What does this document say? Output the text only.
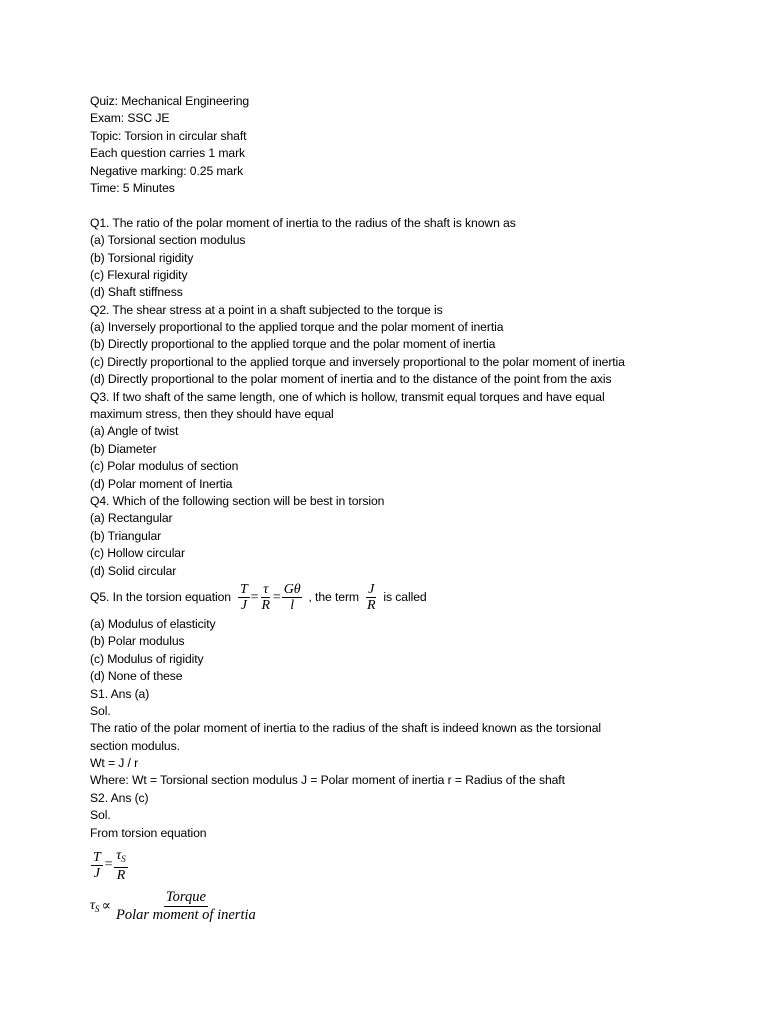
Quiz: Mechanical Engineering
Exam: SSC JE
Topic: Torsion in circular shaft
Each question carries 1 mark
Negative marking: 0.25 mark
Time: 5 Minutes
Q1. The ratio of the polar moment of inertia to the radius of the shaft is known as
(a) Torsional section modulus
(b) Torsional rigidity
(c) Flexural rigidity
(d) Shaft stiffness
Q2. The shear stress at a point in a shaft subjected to the torque is
(a) Inversely proportional to the applied torque and the polar moment of inertia
(b) Directly proportional to the applied torque and the polar moment of inertia
(c) Directly proportional to the applied torque and inversely proportional to the polar moment of inertia
(d) Directly proportional to the polar moment of inertia and to the distance of the point from the axis
Q3. If two shaft of the same length, one of which is hollow, transmit equal torques and have equal
maximum stress, then they should have equal
(a) Angle of twist
(b) Diameter
(c) Polar modulus of section
(d) Polar moment of Inertia
Q4. Which of the following section will be best in torsion
(a) Rectangular
(b) Triangular
(c) Hollow circular
(d) Solid circular
Q5. In the torsion equation $\frac{T}{J} = \frac{\tau}{R} = \frac{G\theta}{l}$ , the term $\frac{J}{R}$ is called
(a) Modulus of elasticity
(b) Polar modulus
(c) Modulus of rigidity
(d) None of these
S1. Ans (a)
Sol.
The ratio of the polar moment of inertia to the radius of the shaft is indeed known as the torsional
section modulus.
Wt = J / r
Where: Wt = Torsional section modulus J = Polar moment of inertia r = Radius of the shaft
S2. Ans (c)
Sol.
From torsion equation
$\frac{T}{J} = \frac{\tau_S}{R}$
$\tau_S \propto \frac{\text{Torque}}{\text{Polar moment of inertia}}$
